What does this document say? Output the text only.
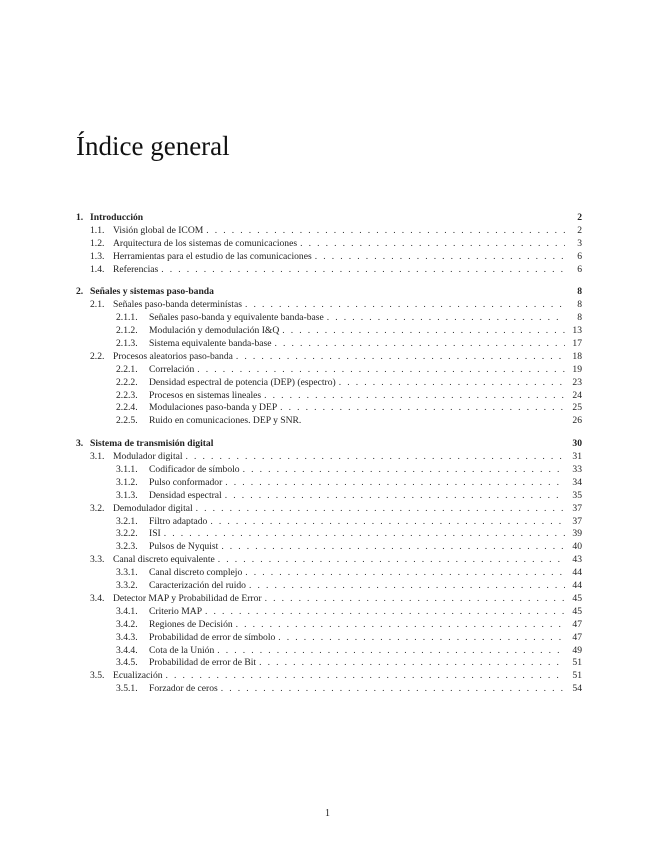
Índice general
1. Introducción	2
1.1. Visión global de ICOM . . .	2
1.2. Arquitectura de los sistemas de comunicaciones . . .	3
1.3. Herramientas para el estudio de las comunicaciones . . .	6
1.4. Referencias . . .	6
2. Señales y sistemas paso-banda	8
2.1. Señales paso-banda determinístas . . .	8
2.1.1.	Señales paso-banda y equivalente banda-base . . .	8
2.1.2.	Modulación y demodulación I&Q . . .	13
2.1.3.	Sistema equivalente banda-base . . .	17
2.2. Procesos aleatorios paso-banda . . .	18
2.2.1.	Correlación . . .	19
2.2.2.	Densidad espectral de potencia (DEP) (espectro) . . .	23
2.2.3.	Procesos en sistemas lineales . . .	24
2.2.4.	Modulaciones paso-banda y DEP . . .	25
2.2.5.	Ruido en comunicaciones. DEP y SNR.	26
3. Sistema de transmisión digital	30
3.1. Modulador digital . . .	31
3.1.1.	Codificador de símbolo . . .	33
3.1.2.	Pulso conformador . . .	34
3.1.3.	Densidad espectral . . .	35
3.2. Demodulador digital . . .	37
3.2.1.	Filtro adaptado . . .	37
3.2.2.	ISI . . .	39
3.2.3.	Pulsos de Nyquist . . .	40
3.3. Canal discreto equivalente . . .	43
3.3.1.	Canal discreto complejo . . .	44
3.3.2.	Caracterización del ruido . . .	44
3.4. Detector MAP y Probabilidad de Error . . .	45
3.4.1.	Criterio MAP . . .	45
3.4.2.	Regiones de Decisión . . .	47
3.4.3.	Probabilidad de error de símbolo . . .	47
3.4.4.	Cota de la Unión . . .	49
3.4.5.	Probabilidad de error de Bit . . .	51
3.5. Ecualización . . .	51
3.5.1.	Forzador de ceros . . .	54
1
